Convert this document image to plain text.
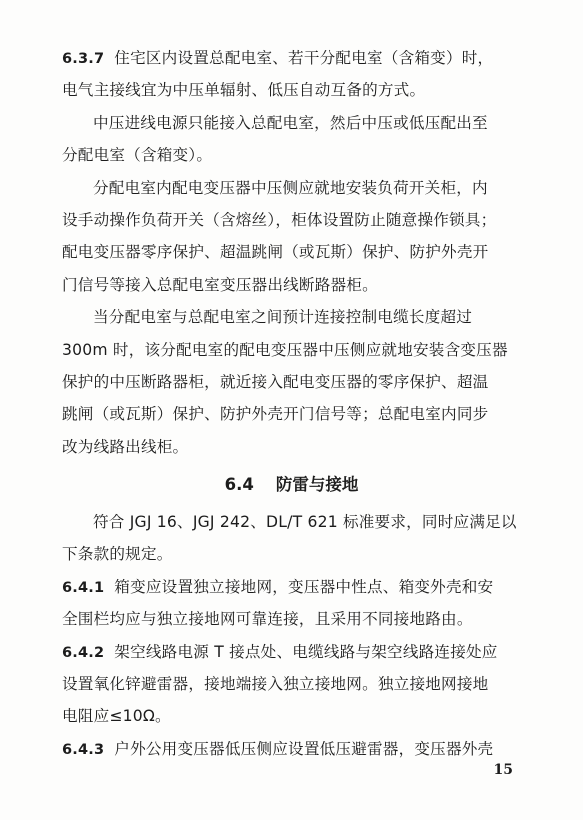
6.3.7 住宅区内设置总配电室、若干分配电室（含箱变）时，
电气主接线宜为中压单辐射、低压自动互备的方式。
中压进线电源只能接入总配电室，然后中压或低压配出至
分配电室（含箱变）。
分配电室内配电变压器中压侧应就地安装负荷开关柜，内
设手动操作负荷开关（含熔丝），柜体设置防止随意操作锁具；
配电变压器零序保护、超温跳闸（或瓦斯）保护、防护外壳开
门信号等接入总配电室变压器出线断路器柜。
当分配电室与总配电室之间预计连接控制电缆长度超过
300m 时，该分配电室的配电变压器中压侧应就地安装含变压器
保护的中压断路器柜，就近接入配电变压器的零序保护、超温
跳闸（或瓦斯）保护、防护外壳开门信号等；总配电室内同步
改为线路出线柜。
6.4 防雷与接地
符合 JGJ 16、JGJ 242、DL/T 621 标准要求，同时应满足以
下条款的规定。
6.4.1 箱变应设置独立接地网，变压器中性点、箱变外壳和安
全围栏均应与独立接地网可靠连接，且采用不同接地路由。
6.4.2 架空线路电源 T 接点处、电缆线路与架空线路连接处应
设置氧化锌避雷器，接地端接入独立接地网。独立接地网接地
电阻应≤10Ω。
6.4.3 户外公用变压器低压侧应设置低压避雷器，变压器外壳
15
